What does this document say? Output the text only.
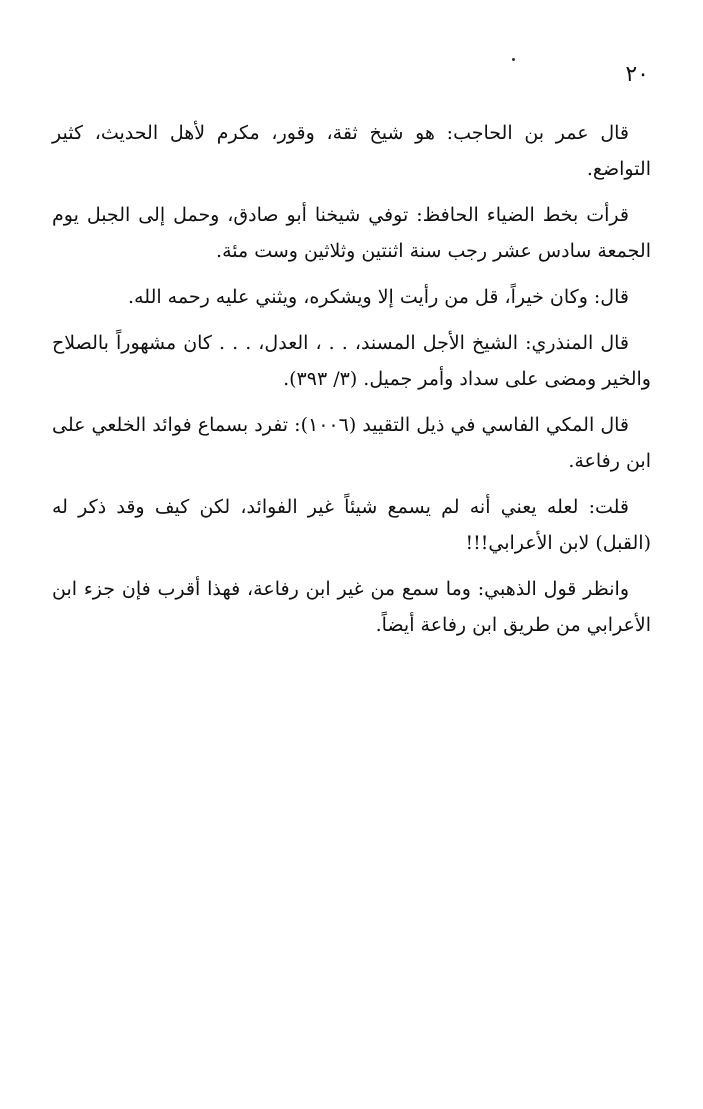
٢٠

قال عمر بن الحاجب: هو شيخ ثقة، وقور، مكرم لأهل الحديث، كثير التواضع.

قرأت بخط الضياء الحافظ: توفي شيخنا أبو صادق، وحمل إلى الجبل يوم الجمعة سادس عشر رجب سنة اثنتين وثلاثين وست مئة.

قال: وكان خيراً، قل من رأيت إلا ويشكره، ويثني عليه رحمه الله.

قال المنذري: الشيخ الأجل المسند، . . ، العدل، . . . كان مشهوراً بالصلاح والخير ومضى على سداد وأمر جميل. (٣/ ٣٩٣).

قال المكي الفاسي في ذيل التقييد (١٠٠٦): تفرد بسماع فوائد الخلعي على ابن رفاعة.

قلت: لعله يعني أنه لم يسمع شيئاً غير الفوائد، لكن كيف وقد ذكر له (القبل) لابن الأعرابي!!!

وانظر قول الذهبي: وما سمع من غير ابن رفاعة، فهذا أقرب فإن جزء ابن الأعرابي من طريق ابن رفاعة أيضاً.
